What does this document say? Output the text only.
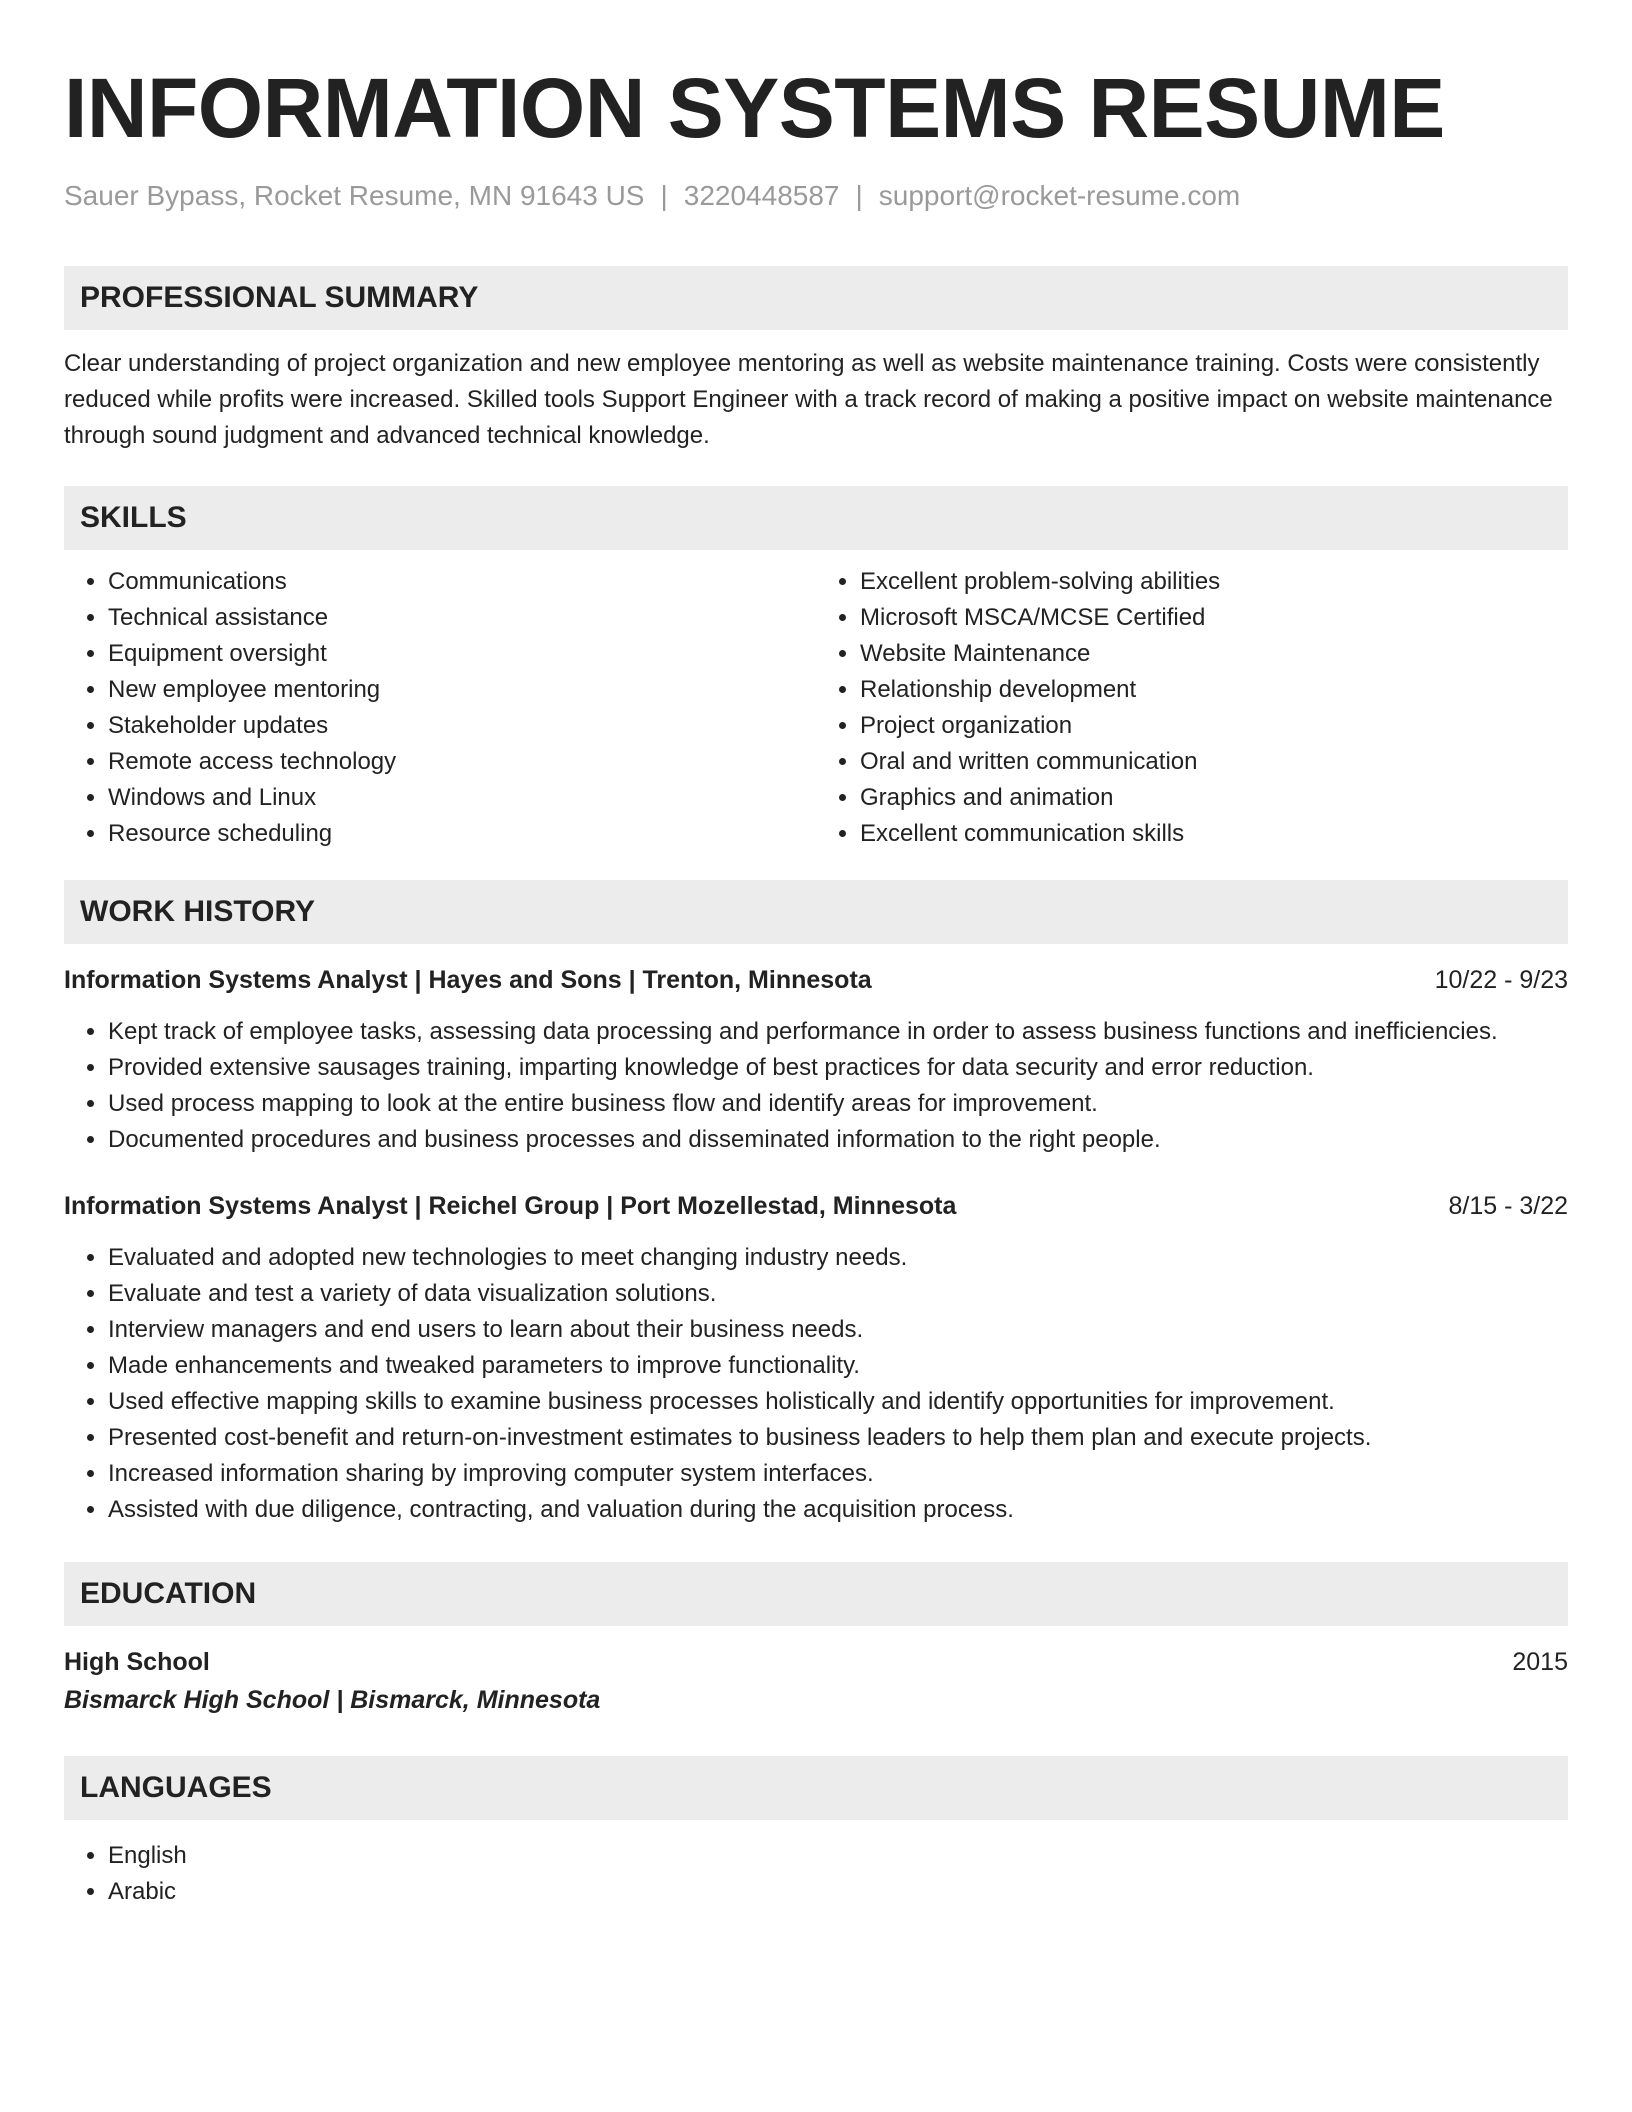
INFORMATION SYSTEMS RESUME
Sauer Bypass, Rocket Resume, MN 91643 US | 3220448587 | support@rocket-resume.com
PROFESSIONAL SUMMARY
Clear understanding of project organization and new employee mentoring as well as website maintenance training. Costs were consistently reduced while profits were increased. Skilled tools Support Engineer with a track record of making a positive impact on website maintenance through sound judgment and advanced technical knowledge.
SKILLS
• Communications
• Technical assistance
• Equipment oversight
• New employee mentoring
• Stakeholder updates
• Remote access technology
• Windows and Linux
• Resource scheduling
• Excellent problem-solving abilities
• Microsoft MSCA/MCSE Certified
• Website Maintenance
• Relationship development
• Project organization
• Oral and written communication
• Graphics and animation
• Excellent communication skills
WORK HISTORY
Information Systems Analyst | Hayes and Sons | Trenton, Minnesota	10/22 - 9/23
• Kept track of employee tasks, assessing data processing and performance in order to assess business functions and inefficiencies.
• Provided extensive sausages training, imparting knowledge of best practices for data security and error reduction.
• Used process mapping to look at the entire business flow and identify areas for improvement.
• Documented procedures and business processes and disseminated information to the right people.
Information Systems Analyst | Reichel Group | Port Mozellestad, Minnesota	8/15 - 3/22
• Evaluated and adopted new technologies to meet changing industry needs.
• Evaluate and test a variety of data visualization solutions.
• Interview managers and end users to learn about their business needs.
• Made enhancements and tweaked parameters to improve functionality.
• Used effective mapping skills to examine business processes holistically and identify opportunities for improvement.
• Presented cost-benefit and return-on-investment estimates to business leaders to help them plan and execute projects.
• Increased information sharing by improving computer system interfaces.
• Assisted with due diligence, contracting, and valuation during the acquisition process.
EDUCATION
High School	2015
Bismarck High School | Bismarck, Minnesota
LANGUAGES
• English
• Arabic
